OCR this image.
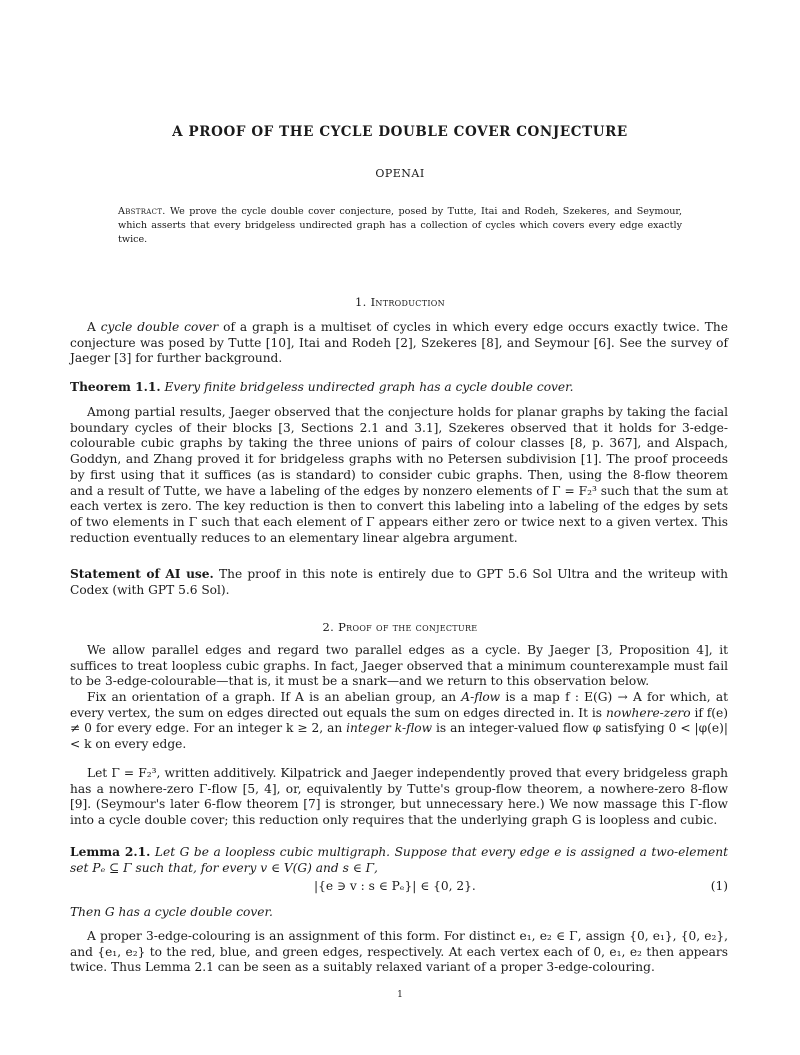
A PROOF OF THE CYCLE DOUBLE COVER CONJECTURE
OPENAI
Abstract. We prove the cycle double cover conjecture, posed by Tutte, Itai and Rodeh, Szekeres, and Seymour, which asserts that every bridgeless undirected graph has a collection of cycles which covers every edge exactly twice.
1. Introduction
A cycle double cover of a graph is a multiset of cycles in which every edge occurs exactly twice. The conjecture was posed by Tutte [10], Itai and Rodeh [2], Szekeres [8], and Seymour [6]. See the survey of Jaeger [3] for further background.
Theorem 1.1. Every finite bridgeless undirected graph has a cycle double cover.
Among partial results, Jaeger observed that the conjecture holds for planar graphs by taking the facial boundary cycles of their blocks [3, Sections 2.1 and 3.1], Szekeres observed that it holds for 3-edge-colourable cubic graphs by taking the three unions of pairs of colour classes [8, p. 367], and Alspach, Goddyn, and Zhang proved it for bridgeless graphs with no Petersen subdivision [1]. The proof proceeds by first using that it suffices (as is standard) to consider cubic graphs. Then, using the 8-flow theorem and a result of Tutte, we have a labeling of the edges by nonzero elements of Γ = F₂³ such that the sum at each vertex is zero. The key reduction is then to convert this labeling into a labeling of the edges by sets of two elements in Γ such that each element of Γ appears either zero or twice next to a given vertex. This reduction eventually reduces to an elementary linear algebra argument.
Statement of AI use. The proof in this note is entirely due to GPT 5.6 Sol Ultra and the writeup with Codex (with GPT 5.6 Sol).
2. Proof of the conjecture
We allow parallel edges and regard two parallel edges as a cycle. By Jaeger [3, Proposition 4], it suffices to treat loopless cubic graphs. In fact, Jaeger observed that a minimum counterexample must fail to be 3-edge-colourable—that is, it must be a snark—and we return to this observation below.
Fix an orientation of a graph. If A is an abelian group, an A-flow is a map f : E(G) → A for which, at every vertex, the sum on edges directed out equals the sum on edges directed in. It is nowhere-zero if f(e) ≠ 0 for every edge. For an integer k ≥ 2, an integer k-flow is an integer-valued flow φ satisfying 0 < |φ(e)| < k on every edge.
Let Γ = F₂³, written additively. Kilpatrick and Jaeger independently proved that every bridgeless graph has a nowhere-zero Γ-flow [5, 4], or, equivalently by Tutte's group-flow theorem, a nowhere-zero 8-flow [9]. (Seymour's later 6-flow theorem [7] is stronger, but unnecessary here.) We now massage this Γ-flow into a cycle double cover; this reduction only requires that the underlying graph G is loopless and cubic.
Lemma 2.1. Let G be a loopless cubic multigraph. Suppose that every edge e is assigned a two-element set Pₑ ⊆ Γ such that, for every v ∈ V(G) and s ∈ Γ,
|{e ∋ v : s ∈ Pₑ}| ∈ {0, 2}.	(1)
Then G has a cycle double cover.
A proper 3-edge-colouring is an assignment of this form. For distinct e₁, e₂ ∈ Γ, assign {0, e₁}, {0, e₂}, and {e₁, e₂} to the red, blue, and green edges, respectively. At each vertex each of 0, e₁, e₂ then appears twice. Thus Lemma 2.1 can be seen as a suitably relaxed variant of a proper 3-edge-colouring.
1
